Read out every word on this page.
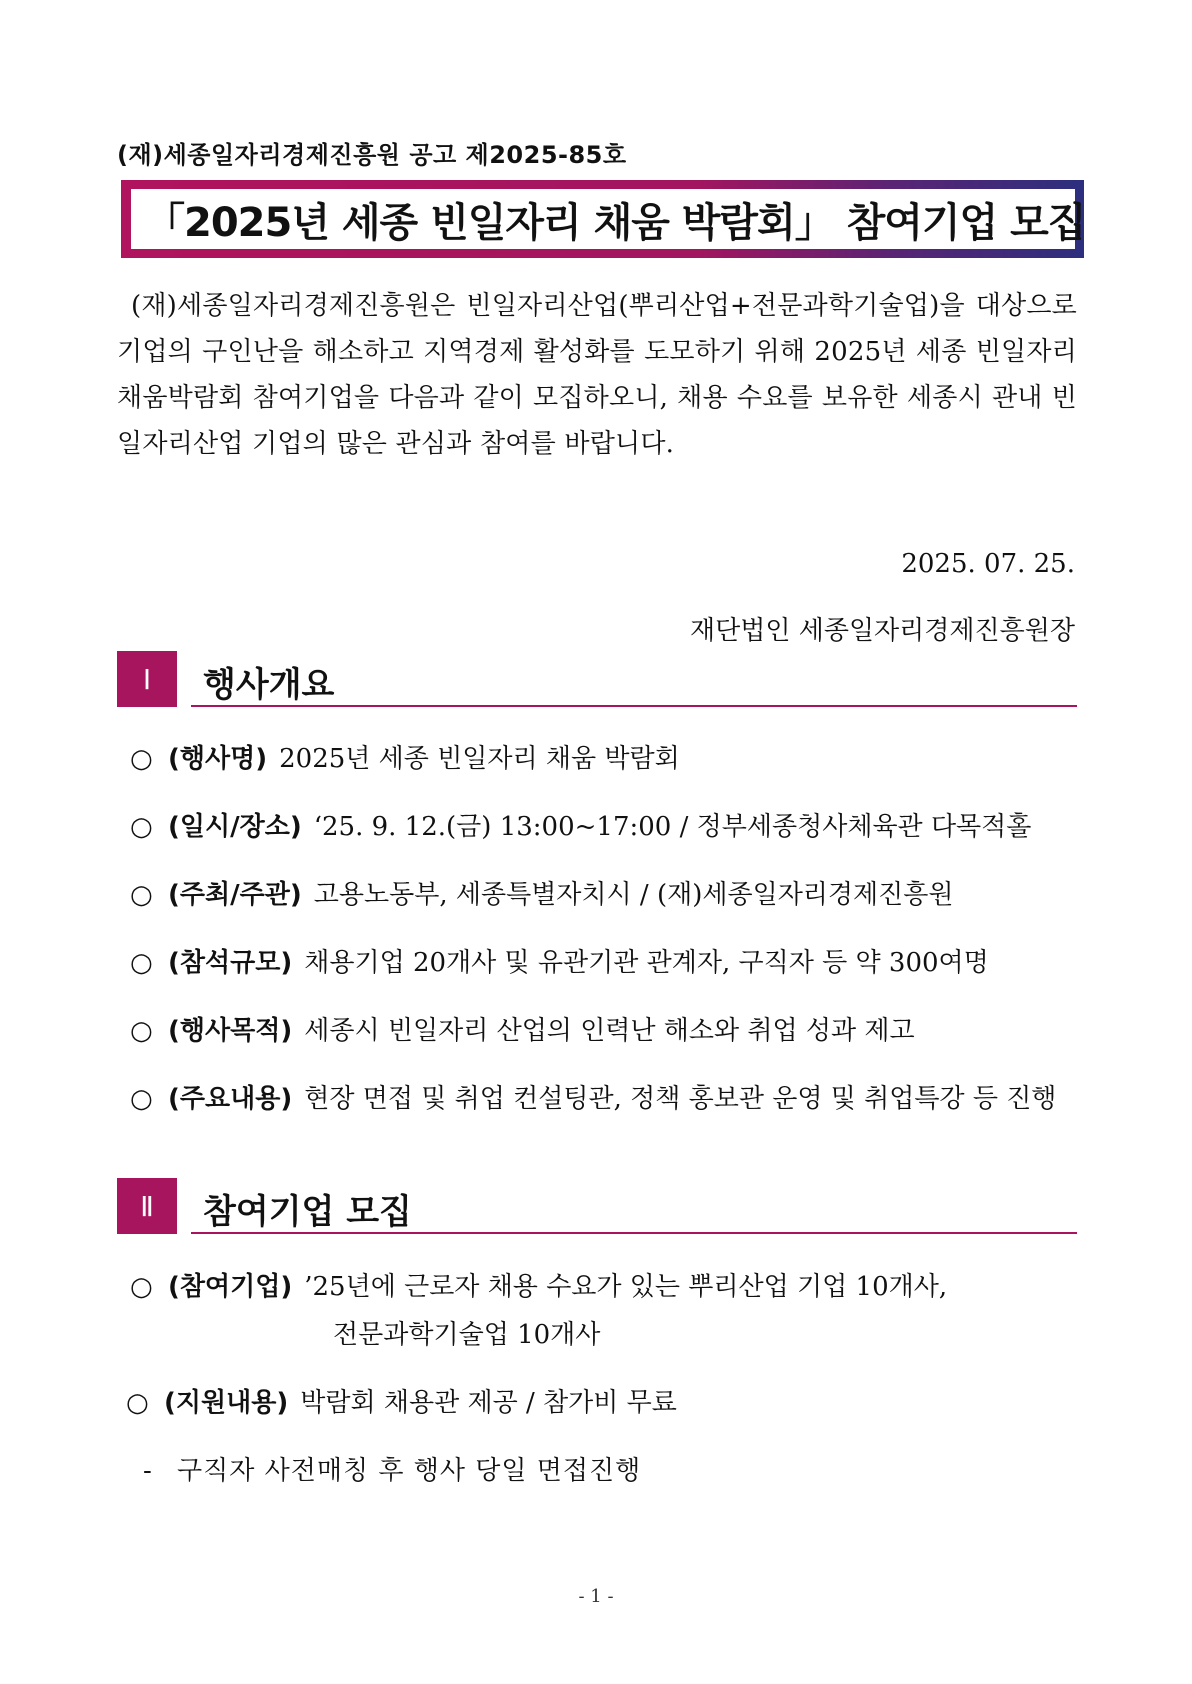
(재)세종일자리경제진흥원 공고 제2025-85호
「2025년 세종 빈일자리 채움 박람회」 참여기업 모집
(재)세종일자리경제진흥원은 빈일자리산업(뿌리산업+전문과학기술업)을 대상으로 기업의 구인난을 해소하고 지역경제 활성화를 도모하기 위해 2025년 세종 빈일자리채움박람회 참여기업을 다음과 같이 모집하오니, 채용 수요를 보유한 세종시 관내 빈일자리산업 기업의 많은 관심과 참여를 바랍니다.
2025. 07. 25.
재단법인 세종일자리경제진흥원장
Ⅰ	행사개요
○ (행사명) 2025년 세종 빈일자리 채움 박람회
○ (일시/장소) ‘25. 9. 12.(금) 13:00~17:00 / 정부세종청사체육관 다목적홀
○ (주최/주관) 고용노동부, 세종특별자치시 / (재)세종일자리경제진흥원
○ (참석규모) 채용기업 20개사 및 유관기관 관계자, 구직자 등 약 300여명
○ (행사목적) 세종시 빈일자리 산업의 인력난 해소와 취업 성과 제고
○ (주요내용) 현장 면접 및 취업 컨설팅관, 정책 홍보관 운영 및 취업특강 등 진행
Ⅱ	참여기업 모집
○ (참여기업) ’25년에 근로자 채용 수요가 있는 뿌리산업 기업 10개사,
전문과학기술업 10개사
○ (지원내용) 박람회 채용관 제공 / 참가비 무료
- 구직자 사전매칭 후 행사 당일 면접진행
- 1 -
